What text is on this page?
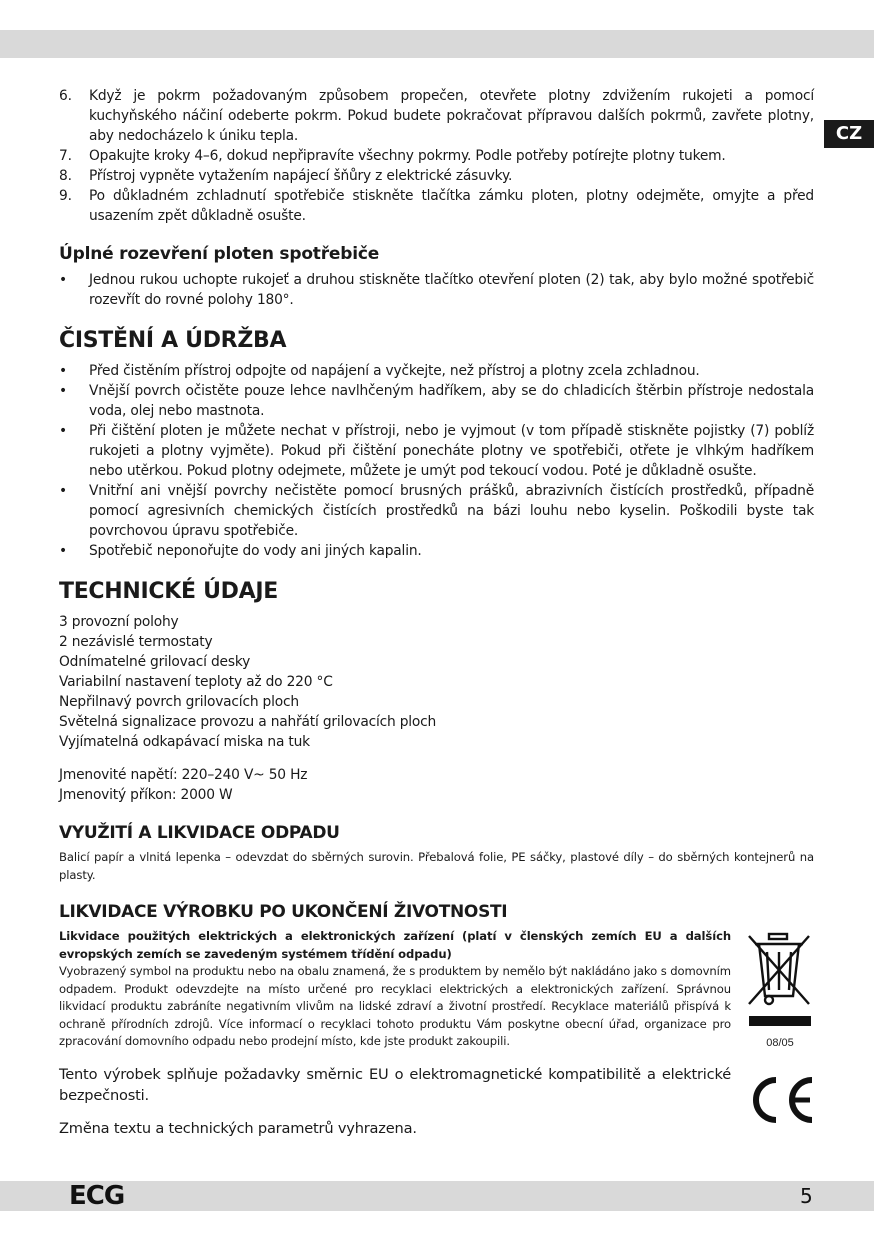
CZ
6. Když je pokrm požadovaným způsobem propečen, otevřete plotny zdvižením rukojeti a pomocí kuchyňského náčiní odeberte pokrm. Pokud budete pokračovat přípravou dalších pokrmů, zavřete plotny, aby nedocházelo k úniku tepla.
7. Opakujte kroky 4–6, dokud nepřipravíte všechny pokrmy. Podle potřeby potírejte plotny tukem.
8. Přístroj vypněte vytažením napájecí šňůry z elektrické zásuvky.
9. Po důkladném zchladnutí spotřebiče stiskněte tlačítka zámku ploten, plotny odejměte, omyjte a před usazením zpět důkladně osušte.
Úplné rozevření ploten spotřebiče
• Jednou rukou uchopte rukojeť a druhou stiskněte tlačítko otevření ploten (2) tak, aby bylo možné spotřebič rozevřít do rovné polohy 180°.
ČISTĚNÍ A ÚDRŽBA
• Před čistěním přístroj odpojte od napájení a vyčkejte, než přístroj a plotny zcela zchladnou.
• Vnější povrch očistěte pouze lehce navlhčeným hadříkem, aby se do chladicích štěrbin přístroje nedostala voda, olej nebo mastnota.
• Při čištění ploten je můžete nechat v přístroji, nebo je vyjmout (v tom případě stiskněte pojistky (7) poblíž rukojeti a plotny vyjměte). Pokud při čištění ponecháte plotny ve spotřebiči, otřete je vlhkým hadříkem nebo utěrkou. Pokud plotny odejmete, můžete je umýt pod tekoucí vodou. Poté je důkladně osušte.
• Vnitřní ani vnější povrchy nečistěte pomocí brusných prášků, abrazivních čistících prostředků, případně pomocí agresivních chemických čistících prostředků na bázi louhu nebo kyselin. Poškodili byste tak povrchovou úpravu spotřebiče.
• Spotřebič neponořujte do vody ani jiných kapalin.
TECHNICKÉ ÚDAJE
3 provozní polohy
2 nezávislé termostaty
Odnímatelné grilovací desky
Variabilní nastavení teploty až do 220 °C
Nepřilnavý povrch grilovacích ploch
Světelná signalizace provozu a nahřátí grilovacích ploch
Vyjímatelná odkapávací miska na tuk
Jmenovité napětí: 220–240 V~ 50 Hz
Jmenovitý příkon: 2000 W
VYUŽITÍ A LIKVIDACE ODPADU
Balicí papír a vlnitá lepenka – odevzdat do sběrných surovin. Přebalová folie, PE sáčky, plastové díly – do sběrných kontejnerů na plasty.
LIKVIDACE VÝROBKU PO UKONČENÍ ŽIVOTNOSTI
Likvidace použitých elektrických a elektronických zařízení (platí v členských zemích EU a dalších evropských zemích se zavedeným systémem třídění odpadu)
Vyobrazený symbol na produktu nebo na obalu znamená, že s produktem by nemělo být nakládáno jako s domovním odpadem. Produkt odevzdejte na místo určené pro recyklaci elektrických a elektronických zařízení. Správnou likvidací produktu zabráníte negativním vlivům na lidské zdraví a životní prostředí. Recyklace materiálů přispívá k ochraně přírodních zdrojů. Více informací o recyklaci tohoto produktu Vám poskytne obecní úřad, organizace pro zpracování domovního odpadu nebo prodejní místo, kde jste produkt zakoupili.
Tento výrobek splňuje požadavky směrnic EU o elektromagnetické kompatibilitě a elektrické bezpečnosti.
Změna textu a technických parametrů vyhrazena.
08/05
ECG	5
